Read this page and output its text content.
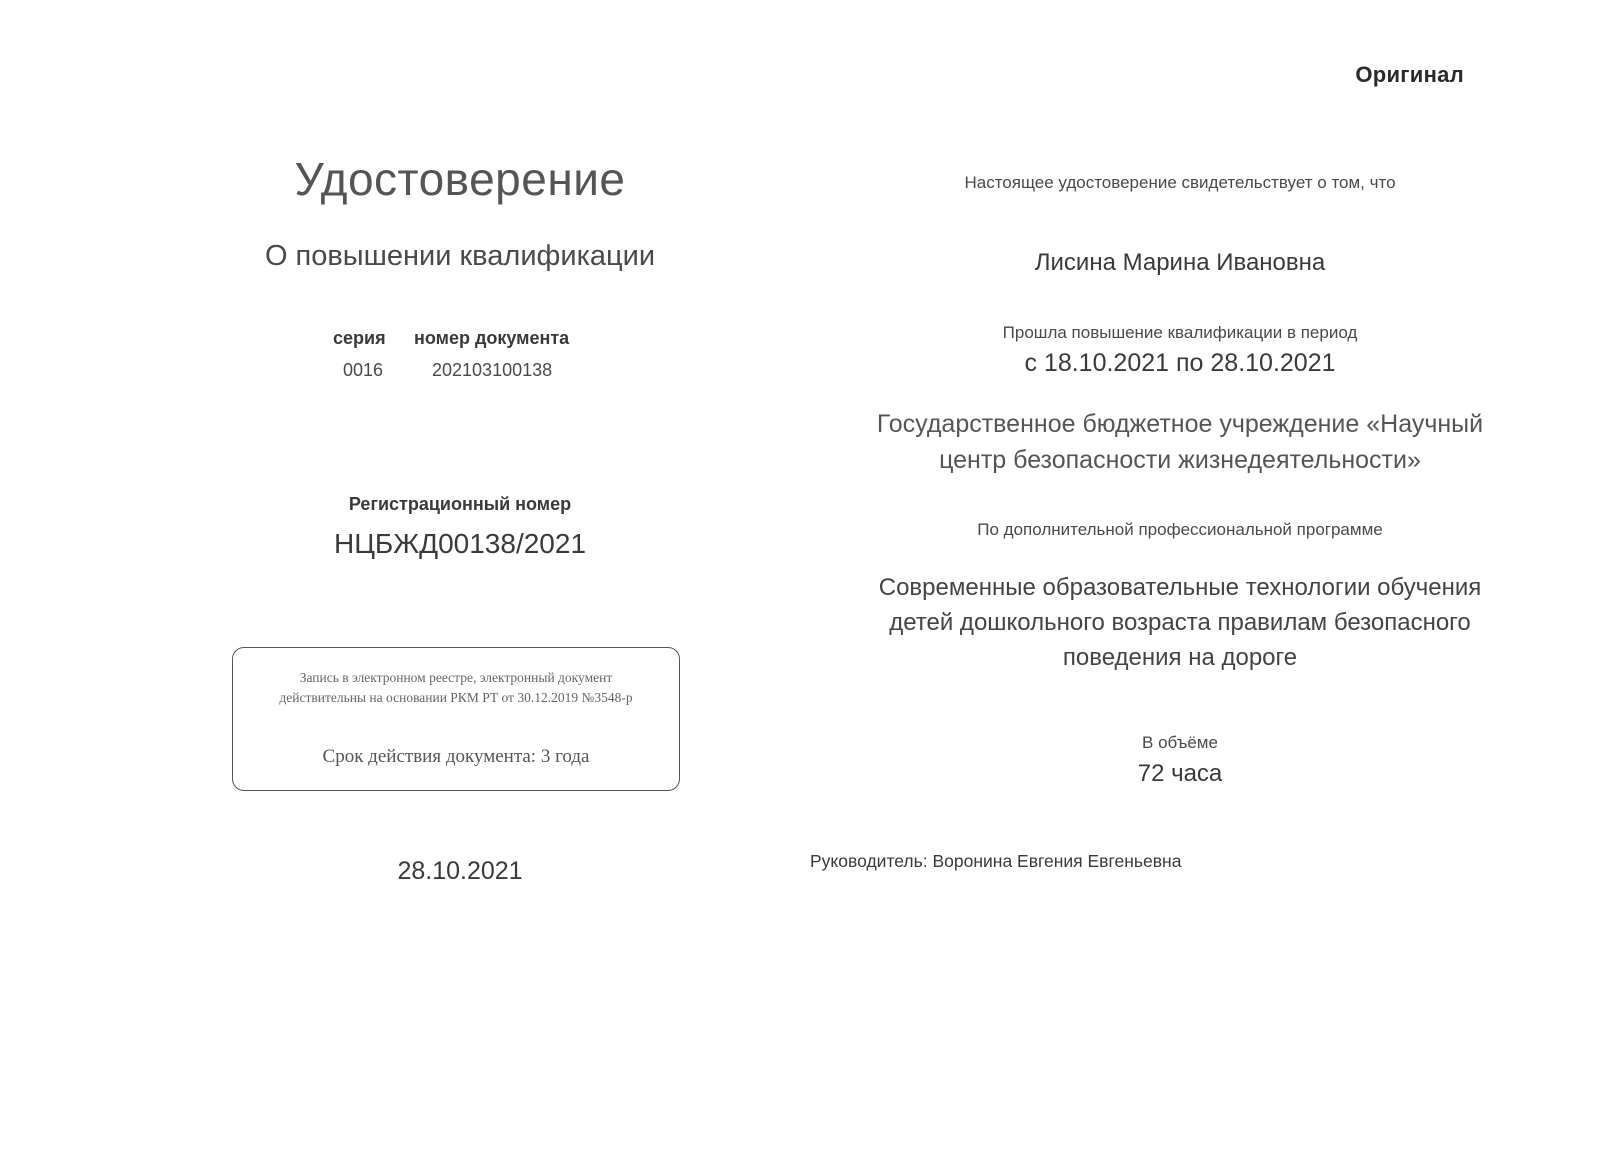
Оригинал
Удостоверение
О повышении квалификации
серия номер документа
0016	202103100138
Регистрационный номер
НЦБЖД00138/2021
Запись в электронном реестре, электронный документ
действительны на основании РКМ РТ от 30.12.2019 №3548-р
Срок действия документа: 3 года
28.10.2021
Настоящее удостоверение свидетельствует о том, что
Лисина Марина Ивановна
Прошла повышение квалификации в период
с 18.10.2021 по 28.10.2021
Государственное бюджетное учреждение «Научный
центр безопасности жизнедеятельности»
По дополнительной профессиональной программе
Современные образовательные технологии обучения
детей дошкольного возраста правилам безопасного
поведения на дороге
В объёме
72 часа
Руководитель: Воронина Евгения Евгеньевна
